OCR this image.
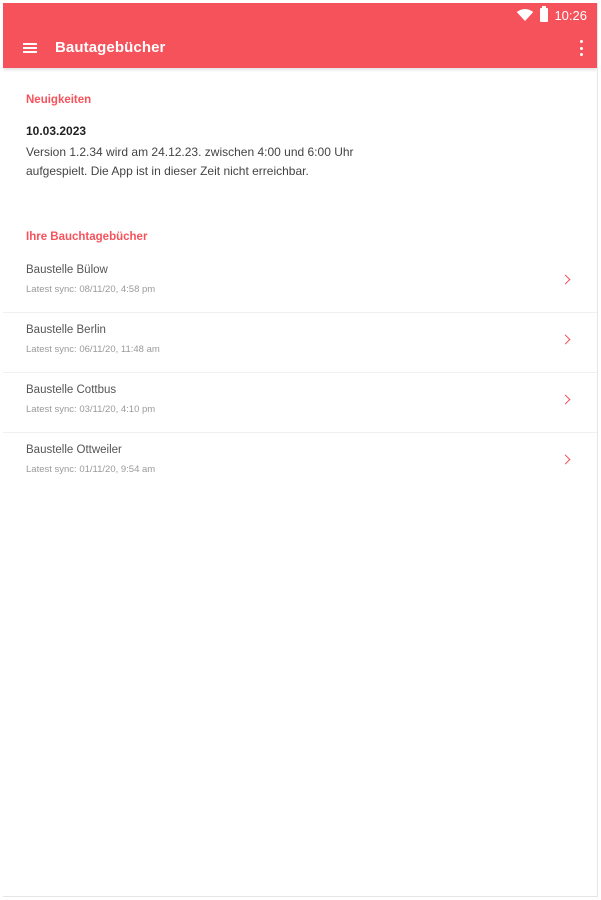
10:26
Bautagebücher

Neuigkeiten

10.03.2023
Version 1.2.34 wird am 24.12.23. zwischen 4:00 und 6:00 Uhr aufgespielt. Die App ist in dieser Zeit nicht erreichbar.

Ihre Bauchtagebücher

Baustelle Bülow
Latest sync: 08/11/20, 4:58 pm
Baustelle Berlin
Latest sync: 06/11/20, 11:48 am
Baustelle Cottbus
Latest sync: 03/11/20, 4:10 pm
Baustelle Ottweiler
Latest sync: 01/11/20, 9:54 am
